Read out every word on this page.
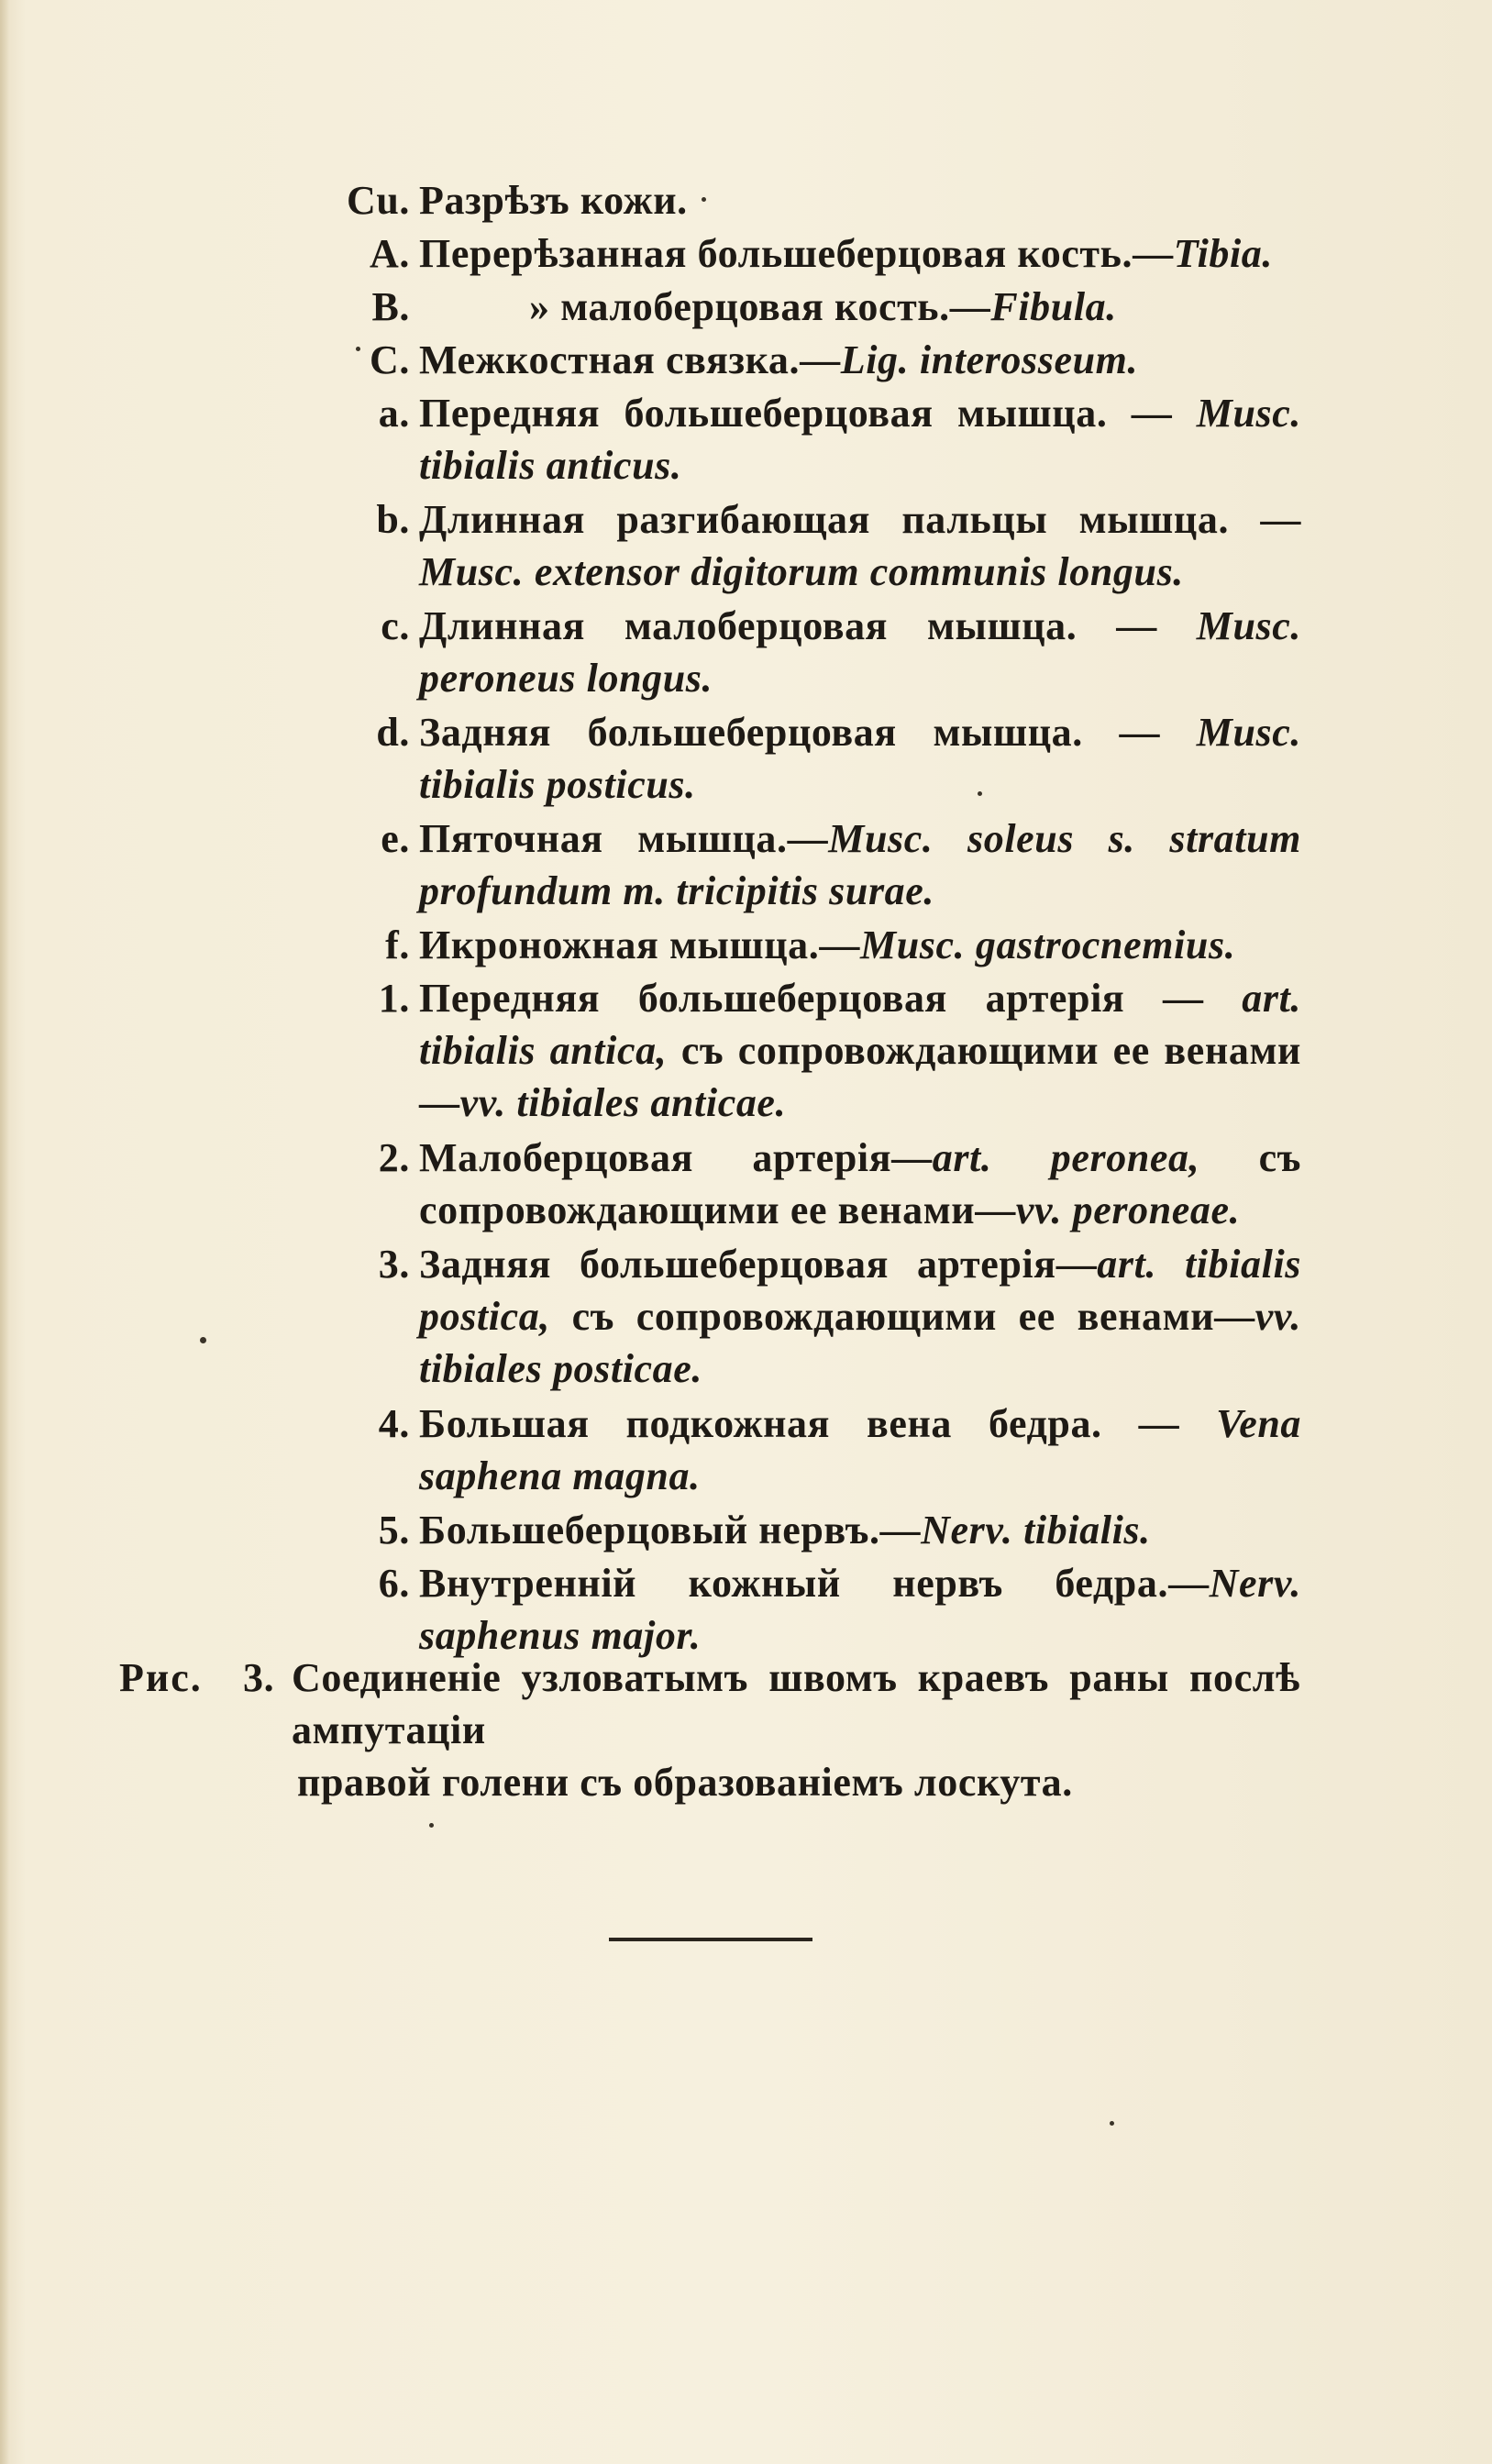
Cu. Разрѣзъ кожи.
A. Перерѣзанная большеберцовая кость.—Tibia.
B.	» малоберцовая кость.—Fibula.
C. Межкостная связка.—Lig. interosseum.
a. Передняя большеберцовая мышца. — Musc. tibialis anticus.
b. Длинная разгибающая пальцы мышца. — Musc. extensor digitorum communis longus.
c. Длинная малоберцовая мышца. — Musc. peroneus longus.
d. Задняя большеберцовая мышца. — Musc. tibialis posticus.
e. Пяточная мышца.—Musc. soleus s. stratum profundum m. tricipitis surae.
f. Икроножная мышца.—Musc. gastrocnemius.
1. Передняя большеберцовая артерія — art. tibialis antica, съ сопровождающими ее венами—vv. tibiales anticae.
2. Малоберцовая артерія—art. peronea, съ сопровождающими ее венами—vv. peroneae.
3. Задняя большеберцовая артерія—art. tibialis postica, съ сопровождающими ее венами—vv. tibiales posticae.
4. Большая подкожная вена бедра. — Vena saphena magna.
5. Большеберцовый нервъ.—Nerv. tibialis.
6. Внутренній кожный нервъ бедра.—Nerv. saphenus major.
Рис. 3. Соединеніе узловатымъ швомъ краевъ раны послѣ ампутаціи
правой голени съ образованіемъ лоскута.
